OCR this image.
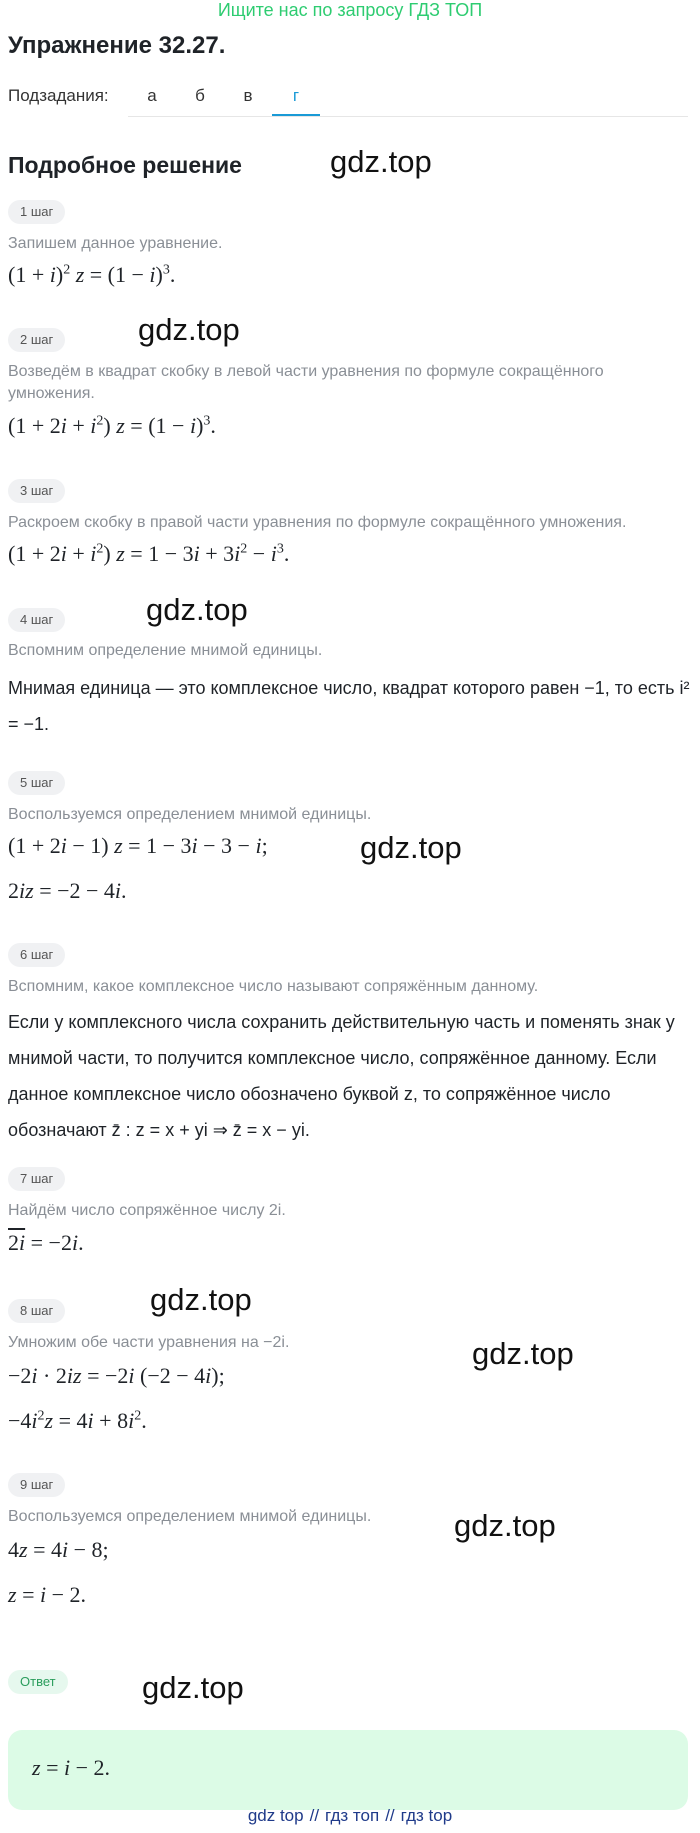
Ищите нас по запросу ГДЗ ТОП
Упражнение 32.27.
Подзадания:	а	б	в	г
Подробное решение	gdz.top
1 шаг
Запишем данное уравнение.
$(1 + i)^2$ $z = (1 - i)^3$.
gdz.top
2 шаг
Возведём в квадрат скобку в левой части уравнения по формуле сокращённого умножения.
$(1 + 2i + i^2)$ $z = (1 - i)^3$.
3 шаг
Раскроем скобку в правой части уравнения по формуле сокращённого умножения.
$(1 + 2i + i^2)$ $z = 1 - 3i + 3i^2 - i^3$.
gdz.top
4 шаг
Вспомним определение мнимой единицы.
Мнимая единица — это комплексное число, квадрат которого равен −1, то есть i² = −1.
5 шаг
Воспользуемся определением мнимой единицы.
(1 + 2i − 1) z = 1 − 3i − 3 − i;	gdz.top
2iz = −2 − 4i.
6 шаг
Вспомним, какое комплексное число называют сопряжённым данному.
Если у комплексного числа сохранить действительную часть и поменять знак у мнимой части, то получится комплексное число, сопряжённое данному. Если данное комплексное число обозначено буквой z, то сопряжённое число обозначают z̄ : z = x + yi ⇒ z̄ = x − yi.
7 шаг
Найдём число сопряжённое числу 2i.
2i = −2i.
gdz.top
8 шаг
Умножим обе части уравнения на −2i.	gdz.top
−2i · 2iz = −2i (−2 − 4i);
$-4i^2z = 4i + 8i^2$.
9 шаг
Воспользуемся определением мнимой единицы.	gdz.top
4z = 4i − 8;
z = i − 2.
Ответ	gdz.top
z = i − 2.
gdz top // гдз топ // гдз top
